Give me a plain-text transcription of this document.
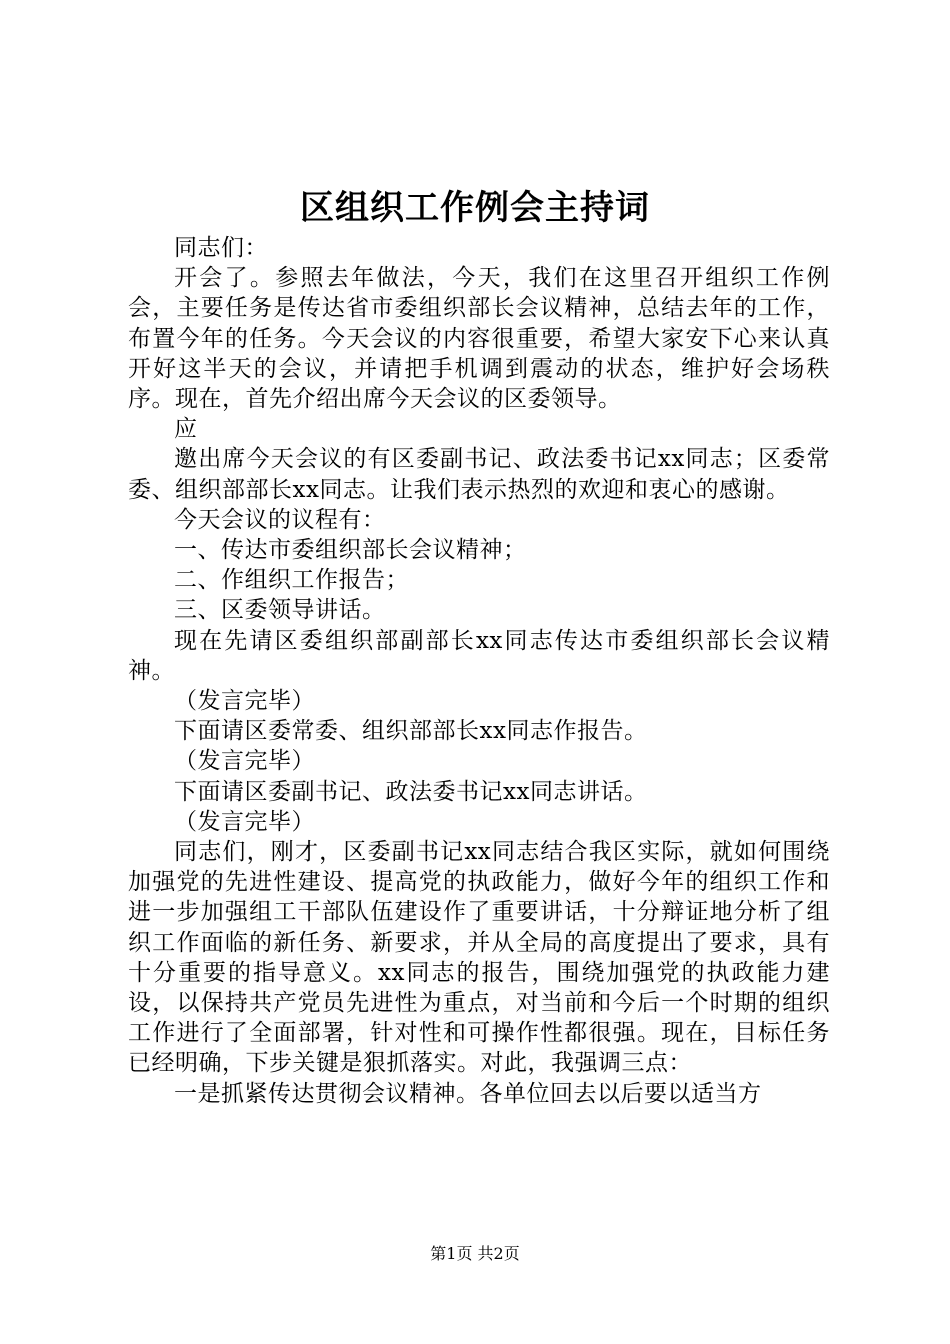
区组织工作例会主持词

同志们：

开会了。参照去年做法，今天，我们在这里召开组织工作例会，主要任务是传达省市委组织部长会议精神，总结去年的工作，布置今年的任务。今天会议的内容很重要，希望大家安下心来认真开好这半天的会议，并请把手机调到震动的状态，维护好会场秩序。现在，首先介绍出席今天会议的区委领导。

应

邀出席今天会议的有区委副书记、政法委书记xx同志；区委常委、组织部部长xx同志。让我们表示热烈的欢迎和衷心的感谢。

今天会议的议程有：

一、传达市委组织部长会议精神；

二、作组织工作报告；

三、区委领导讲话。

现在先请区委组织部副部长xx同志传达市委组织部长会议精神。

（发言完毕）

下面请区委常委、组织部部长xx同志作报告。

（发言完毕）

下面请区委副书记、政法委书记xx同志讲话。

（发言完毕）

同志们，刚才，区委副书记xx同志结合我区实际，就如何围绕加强党的先进性建设、提高党的执政能力，做好今年的组织工作和进一步加强组工干部队伍建设作了重要讲话，十分辩证地分析了组织工作面临的新任务、新要求，并从全局的高度提出了要求，具有十分重要的指导意义。xx同志的报告，围绕加强党的执政能力建设，以保持共产党员先进性为重点，对当前和今后一个时期的组织工作进行了全面部署，针对性和可操作性都很强。现在，目标任务已经明确，下步关键是狠抓落实。对此，我强调三点：

一是抓紧传达贯彻会议精神。各单位回去以后要以适当方

第1页 共2页
